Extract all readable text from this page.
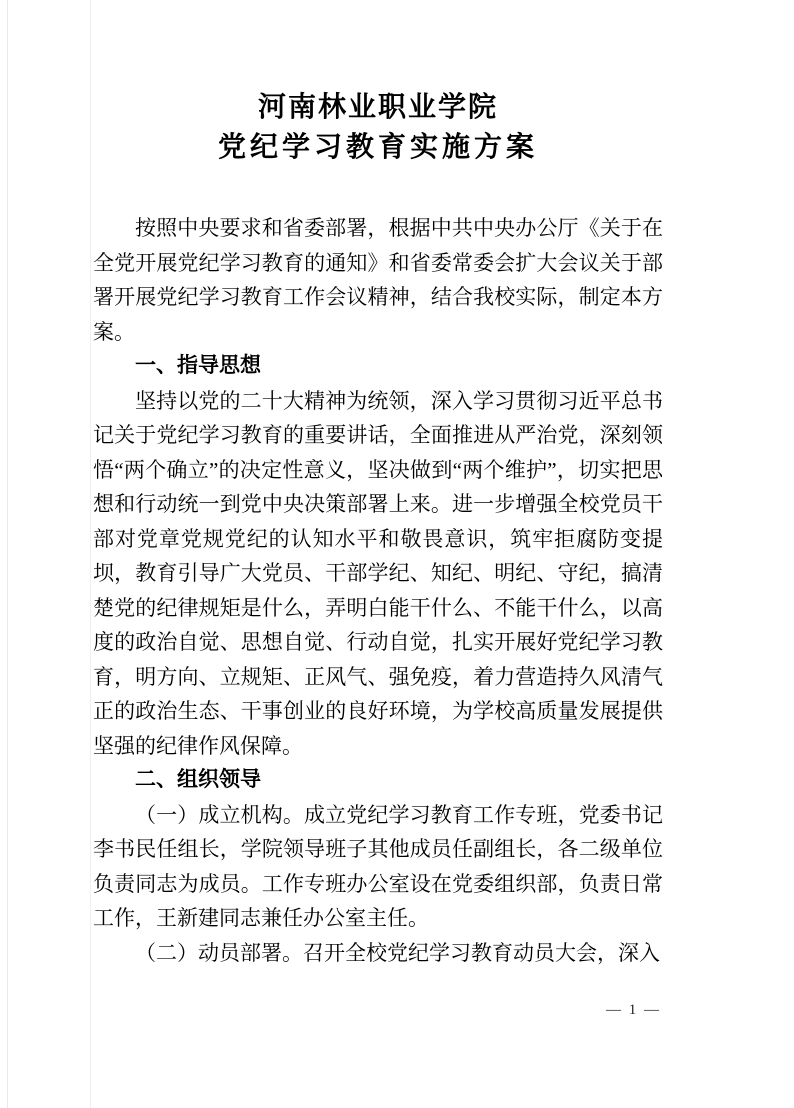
河南林业职业学院
党纪学习教育实施方案

按照中央要求和省委部署，根据中共中央办公厅《关于在全党开展党纪学习教育的通知》和省委常委会扩大会议关于部署开展党纪学习教育工作会议精神，结合我校实际，制定本方案。

一、指导思想

坚持以党的二十大精神为统领，深入学习贯彻习近平总书记关于党纪学习教育的重要讲话，全面推进从严治党，深刻领悟“两个确立”的决定性意义，坚决做到“两个维护”，切实把思想和行动统一到党中央决策部署上来。进一步增强全校党员干部对党章党规党纪的认知水平和敬畏意识，筑牢拒腐防变提坝，教育引导广大党员、干部学纪、知纪、明纪、守纪，搞清楚党的纪律规矩是什么，弄明白能干什么、不能干什么，以高度的政治自觉、思想自觉、行动自觉，扎实开展好党纪学习教育，明方向、立规矩、正风气、强免疫，着力营造持久风清气正的政治生态、干事创业的良好环境，为学校高质量发展提供坚强的纪律作风保障。

二、组织领导

（一）成立机构。成立党纪学习教育工作专班，党委书记李书民任组长，学院领导班子其他成员任副组长，各二级单位负责同志为成员。工作专班办公室设在党委组织部，负责日常工作，王新建同志兼任办公室主任。

（二）动员部署。召开全校党纪学习教育动员大会，深入

— 1 —
